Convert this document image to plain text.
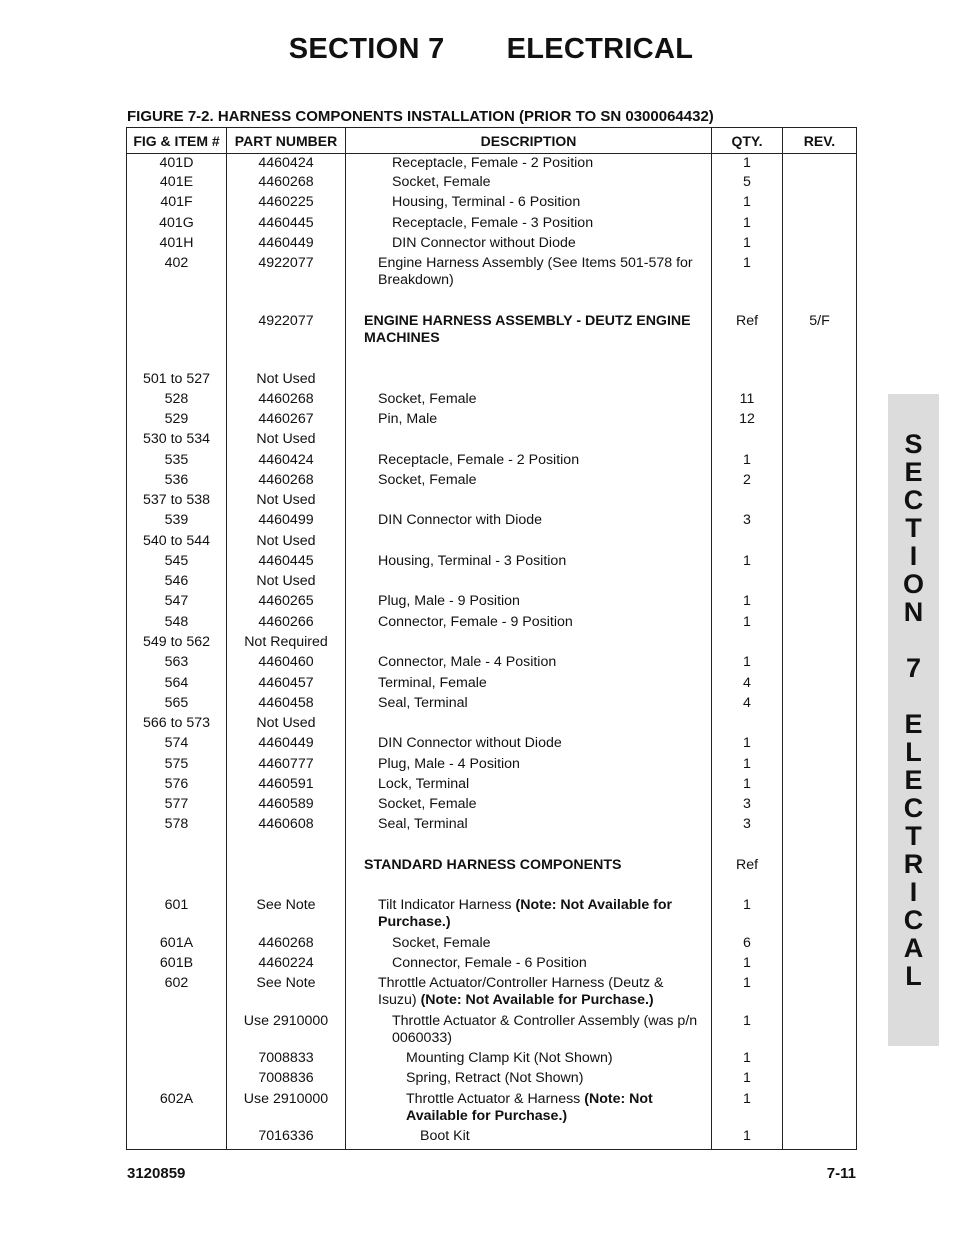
SECTION 7 ELECTRICAL
FIGURE 7-2. HARNESS COMPONENTS INSTALLATION (PRIOR TO SN 0300064432)
FIG & ITEM #	PART NUMBER	DESCRIPTION	QTY.	REV.
401D	4460424	Receptacle, Female - 2 Position	1	
401E	4460268	Socket, Female	5	
401F	4460225	Housing, Terminal - 6 Position	1	
401G	4460445	Receptacle, Female - 3 Position	1	
401H	4460449	DIN Connector without Diode	1	
402	4922077	Engine Harness Assembly (See Items 501-578 for Breakdown)	1	
	4922077	ENGINE HARNESS ASSEMBLY - DEUTZ ENGINE MACHINES	Ref	5/F
501 to 527	Not Used			
528	4460268	Socket, Female	11	
529	4460267	Pin, Male	12	
530 to 534	Not Used			
535	4460424	Receptacle, Female - 2 Position	1	
536	4460268	Socket, Female	2	
537 to 538	Not Used			
539	4460499	DIN Connector with Diode	3	
540 to 544	Not Used			
545	4460445	Housing, Terminal - 3 Position	1	
546	Not Used			
547	4460265	Plug, Male - 9 Position	1	
548	4460266	Connector, Female - 9 Position	1	
549 to 562	Not Required			
563	4460460	Connector, Male - 4 Position	1	
564	4460457	Terminal, Female	4	
565	4460458	Seal, Terminal	4	
566 to 573	Not Used			
574	4460449	DIN Connector without Diode	1	
575	4460777	Plug, Male - 4 Position	1	
576	4460591	Lock, Terminal	1	
577	4460589	Socket, Female	3	
578	4460608	Seal, Terminal	3	
		STANDARD HARNESS COMPONENTS	Ref	
601	See Note	Tilt Indicator Harness (Note: Not Available for Purchase.)	1	
601A	4460268	Socket, Female	6	
601B	4460224	Connector, Female - 6 Position	1	
602	See Note	Throttle Actuator/Controller Harness (Deutz & Isuzu) (Note: Not Available for Purchase.)	1	
	Use 2910000	Throttle Actuator & Controller Assembly (was p/n 0060033)	1	
	7008833	Mounting Clamp Kit (Not Shown)	1	
	7008836	Spring, Retract (Not Shown)	1	
602A	Use 2910000	Throttle Actuator & Harness (Note: Not Available for Purchase.)	1	
	7016336	Boot Kit	1	
S
E
C
T
I
O
N
7
E
L
E
C
T
R
I
C
A
L
3120859	7-11
